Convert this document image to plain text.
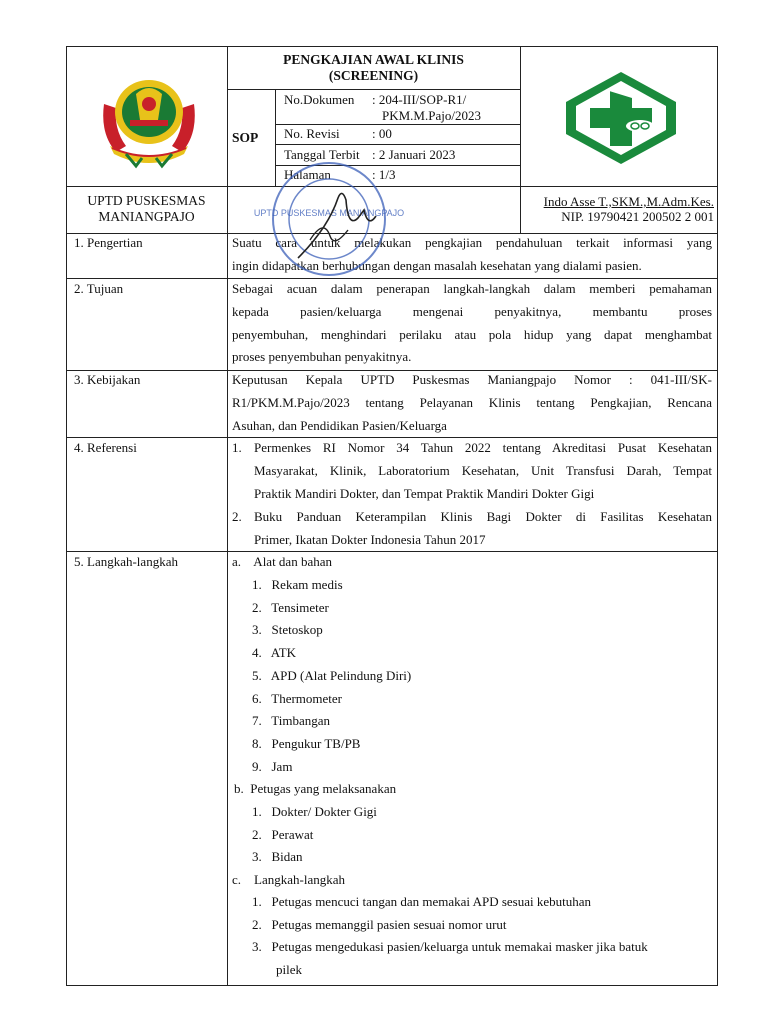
PENGKAJIAN AWAL KLINIS
(SCREENING)
SOP
No.Dokumen : 204-III/SOP-R1/
PKM.M.Pajo/2023
No. Revisi : 00
Tanggal Terbit : 2 Januari 2023
Halaman	: 1/3
UPTD PUSKESMAS
MANIANGPAJO
Indo Asse T.,SKM.,M.Adm.Kes.
NIP. 19790421 200502 2 001
1. Pengertian	Suatu cara untuk melakukan pengkajian pendahuluan terkait informasi yang
ingin didapatkan berhubungan dengan masalah kesehatan yang dialami pasien.
2. Tujuan	Sebagai acuan dalam penerapan langkah-langkah dalam memberi pemahaman
kepada pasien/keluarga mengenai penyakitnya, membantu proses
penyembuhan, menghindari perilaku atau pola hidup yang dapat menghambat
proses penyembuhan penyakitnya.
3. Kebijakan	Keputusan Kepala UPTD Puskesmas Maniangpajo Nomor : 041-III/SK-
R1/PKM.M.Pajo/2023 tentang Pelayanan Klinis tentang Pengkajian, Rencana
Asuhan, dan Pendidikan Pasien/Keluarga
4. Referensi	1. Permenkes RI Nomor 34 Tahun 2022 tentang Akreditasi Pusat Kesehatan
Masyarakat, Klinik, Laboratorium Kesehatan, Unit Transfusi Darah, Tempat
Praktik Mandiri Dokter, dan Tempat Praktik Mandiri Dokter Gigi
2. Buku Panduan Keterampilan Klinis Bagi Dokter di Fasilitas Kesehatan
Primer, Ikatan Dokter Indonesia Tahun 2017
5. Langkah-langkah	a.    Alat dan bahan
1.   Rekam medis
2.   Tensimeter
3.   Stetoskop
4.   ATK
5.   APD (Alat Pelindung Diri)
6.   Thermometer
7.   Timbangan
8.   Pengukur TB/PB
9.   Jam
b.  Petugas yang melaksanakan
1.   Dokter/ Dokter Gigi
2.   Perawat
3.   Bidan
c.    Langkah-langkah
1.   Petugas mencuci tangan dan memakai APD sesuai kebutuhan
2.   Petugas memanggil pasien sesuai nomor urut
3.   Petugas mengedukasi pasien/keluarga untuk memakai masker jika batuk
pilek
UPTD PUSKESMAS MANIANGPAJO
